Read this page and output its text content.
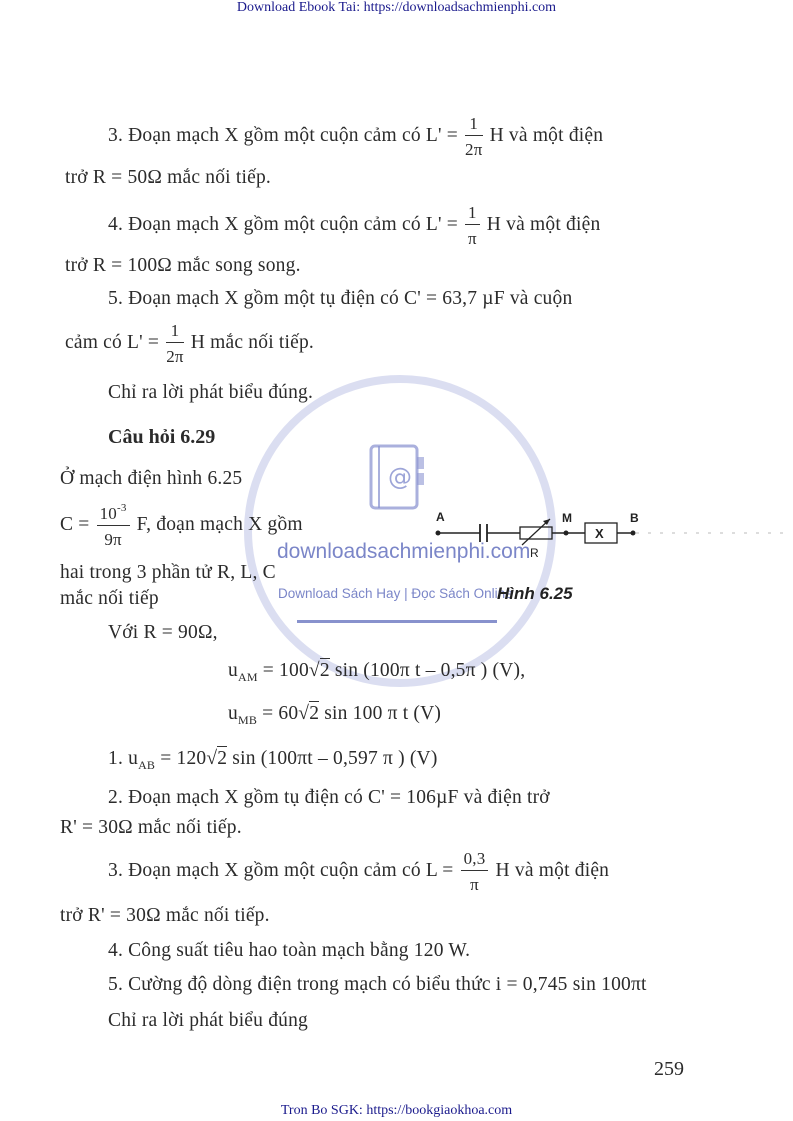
Download Ebook Tai: https://downloadsachmienphi.com
Tron Bo SGK: https://bookgiaokhoa.com
@
downloadsachmienphi.com
Download Sách Hay | Đọc Sách Online
3. Đoạn mạch X gồm một cuộn cảm có $L' = \frac{1}{2\pi}$ H và một điện
trở R = 50Ω mắc nối tiếp.
4. Đoạn mạch X gồm một cuộn cảm có $L' = \frac{1}{\pi}$ H và một điện
trở R = 100Ω mắc song song.
5. Đoạn mạch X gồm một tụ điện có C' = 63,7 µF và cuộn
cảm có $L' = \frac{1}{2\pi}$ H mắc nối tiếp.
Chỉ ra lời phát biểu đúng.
Câu hỏi 6.29
Ở mạch điện hình 6.25
$C = \frac{10^{-3}}{9\pi} F$, đoạn mạch X gồm
hai trong 3 phần tử R, L, C
mắc nối tiếp
Với R = 90Ω,
$u_{AM} = 100√2$ sin (100π t – 0,5π ) (V),
$u_{MB} = 60√2$ sin 100 π t (V)
A	M	B
R
X
Hình 6.25
1. $u_{AB} = 120√2$ sin (100πt – 0,597 π ) (V)
2. Đoạn mạch X gồm tụ điện có C' = 106µF và điện trở
R' = 30Ω mắc nối tiếp.
3. Đoạn mạch X gồm một cuộn cảm có $L = \frac{0,3}{\pi}$ H và một điện
trở R' = 30Ω mắc nối tiếp.
4. Công suất tiêu hao toàn mạch bằng 120 W.
5. Cường độ dòng điện trong mạch có biểu thức i = 0,745 sin 100πt
Chỉ ra lời phát biểu đúng
259
